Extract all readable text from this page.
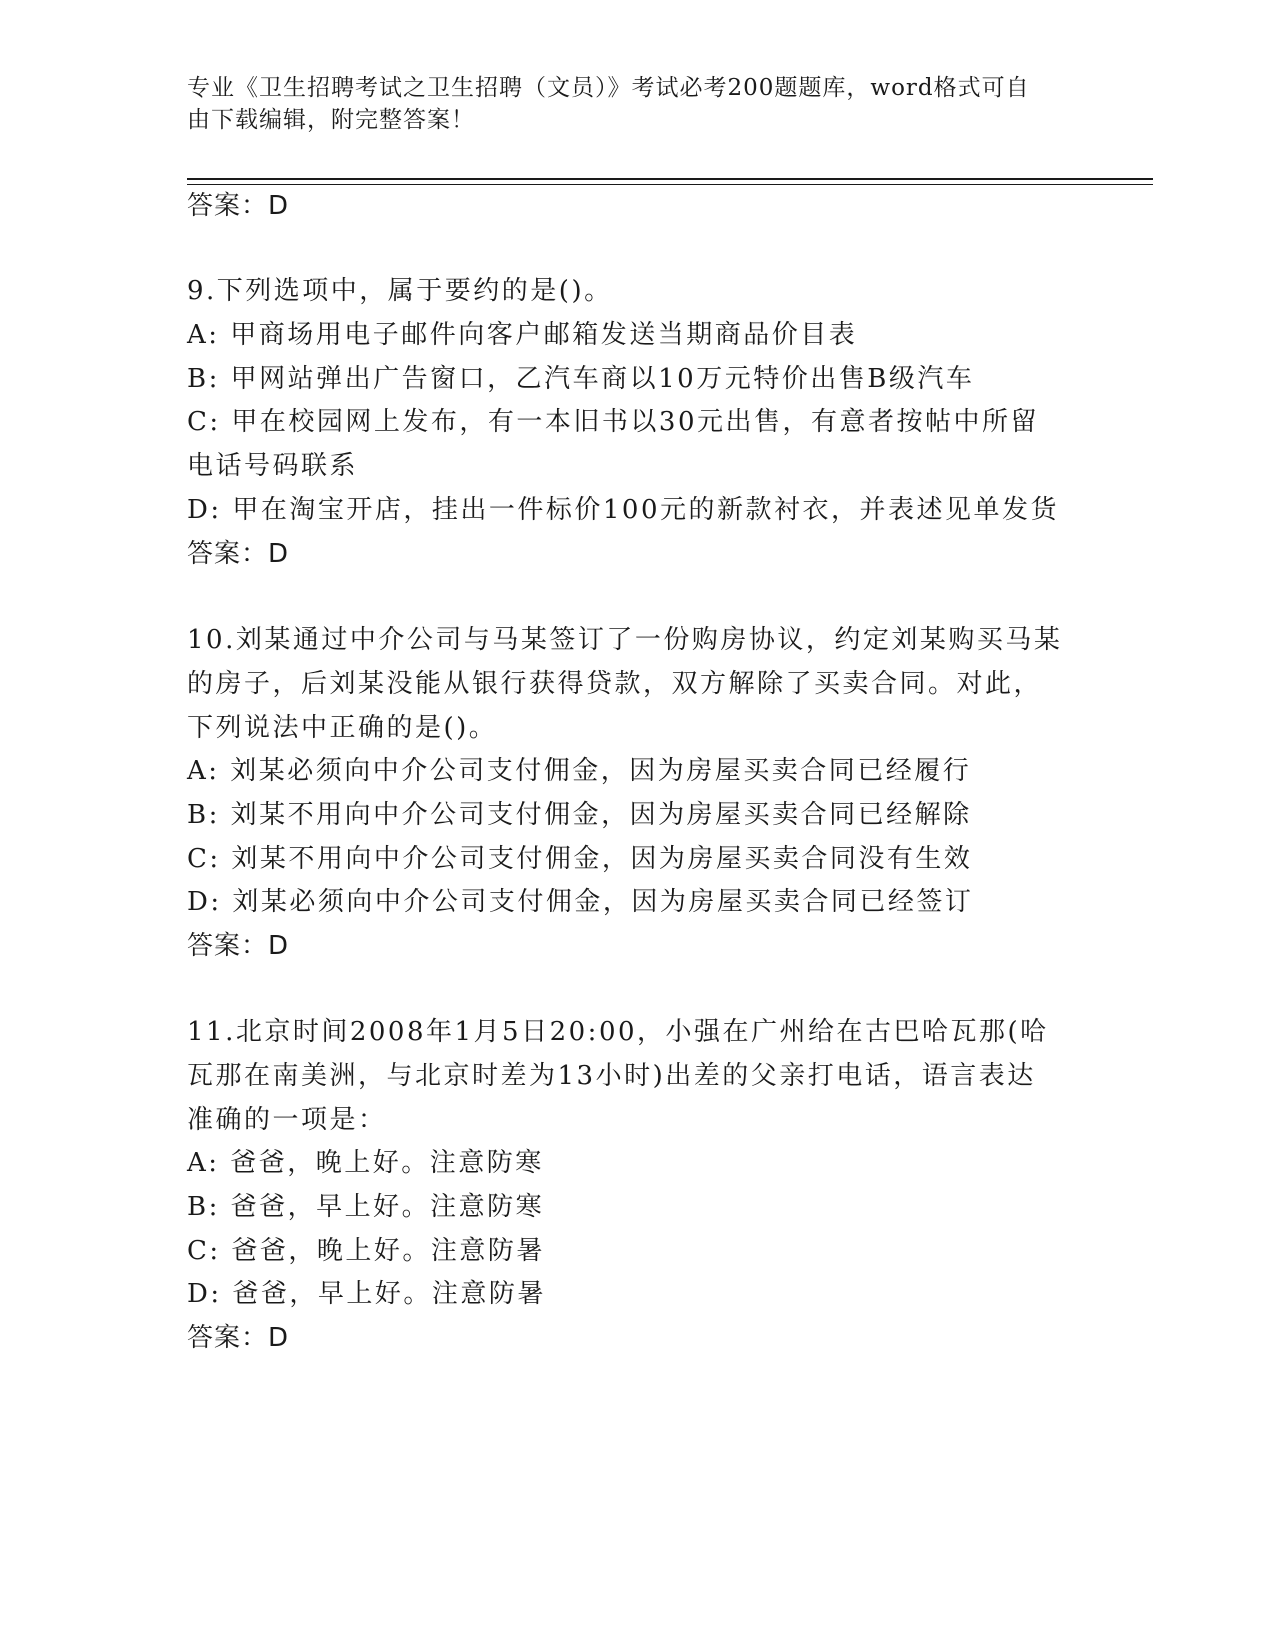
专业《卫生招聘考试之卫生招聘（文员）》考试必考200题题库，word格式可自
由下载编辑，附完整答案！
答案：D
9.下列选项中，属于要约的是()。
A: 甲商场用电子邮件向客户邮箱发送当期商品价目表
B: 甲网站弹出广告窗口，乙汽车商以10万元特价出售B级汽车
C: 甲在校园网上发布，有一本旧书以30元出售，有意者按帖中所留
电话号码联系
D: 甲在淘宝开店，挂出一件标价100元的新款衬衣，并表述见单发货
答案：D
10.刘某通过中介公司与马某签订了一份购房协议，约定刘某购买马某
的房子，后刘某没能从银行获得贷款，双方解除了买卖合同。对此，
下列说法中正确的是()。
A: 刘某必须向中介公司支付佣金，因为房屋买卖合同已经履行
B: 刘某不用向中介公司支付佣金，因为房屋买卖合同已经解除
C: 刘某不用向中介公司支付佣金，因为房屋买卖合同没有生效
D: 刘某必须向中介公司支付佣金，因为房屋买卖合同已经签订
答案：D
11.北京时间2008年1月5日20:00，小强在广州给在古巴哈瓦那(哈
瓦那在南美洲，与北京时差为13小时)出差的父亲打电话，语言表达
准确的一项是：
A: 爸爸，晚上好。注意防寒
B: 爸爸，早上好。注意防寒
C: 爸爸，晚上好。注意防暑
D: 爸爸，早上好。注意防暑
答案：D
